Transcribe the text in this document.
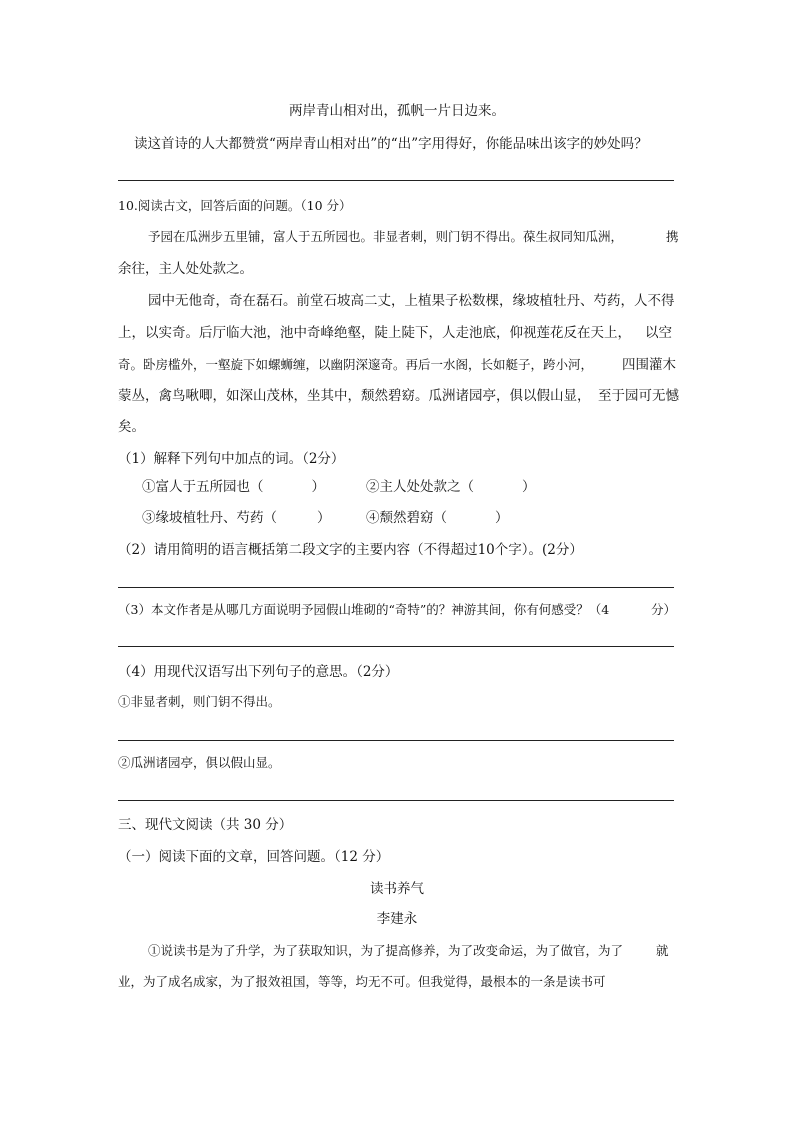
两岸青山相对出，孤帆一片日边来。
读这首诗的人大都赞赏“两岸青山相对出”的“出”字用得好，你能品味出该字的妙处吗？
10.阅读古文，回答后面的问题。（10 分）
予园在瓜洲步五里铺，富人于五所园也。非显者刺，则门钥不得出。葆生叔同知瓜洲，	携
余往，主人处处款之。
园中无他奇，奇在磊石。前堂石坡高二丈，上植果子松数棵，缘坡植牡丹、芍药，人不得
上，以实奇。后厅临大池，池中奇峰绝壑，陡上陡下，人走池底，仰视莲花反在天上， 以空
奇。卧房槛外，一壑旋下如螺蛳缠，以幽阴深邃奇。再后一水阁，长如艇子，跨小河， 四围灌木
蒙丛，禽鸟啾唧，如深山茂林，坐其中，颓然碧窈。瓜洲诸园亭，俱以假山显， 至于园可无憾
矣。
（1）解释下列句中加点的词。（2分）
①富人于五所园也（	）	②主人处处款之（	）
③缘坡植牡丹、芍药（	）	④颓然碧窈（	）
（2）请用简明的语言概括第二段文字的主要内容（不得超过10个字）。(2分）
（3）本文作者是从哪几方面说明予园假山堆砌的“奇特”的？神游其间，你有何感受？（4	分）
（4）用现代汉语写出下列句子的意思。（2分）
①非显者刺，则门钥不得出。
②瓜洲诸园亭，俱以假山显。
三、现代文阅读（共 30 分）
（一）阅读下面的文章，回答问题。（12 分）
读书养气
李建永
①说读书是为了升学，为了获取知识，为了提高修养，为了改变命运，为了做官，为了	就
业，为了成名成家，为了报效祖国，等等，均无不可。但我觉得，最根本的一条是读书可
